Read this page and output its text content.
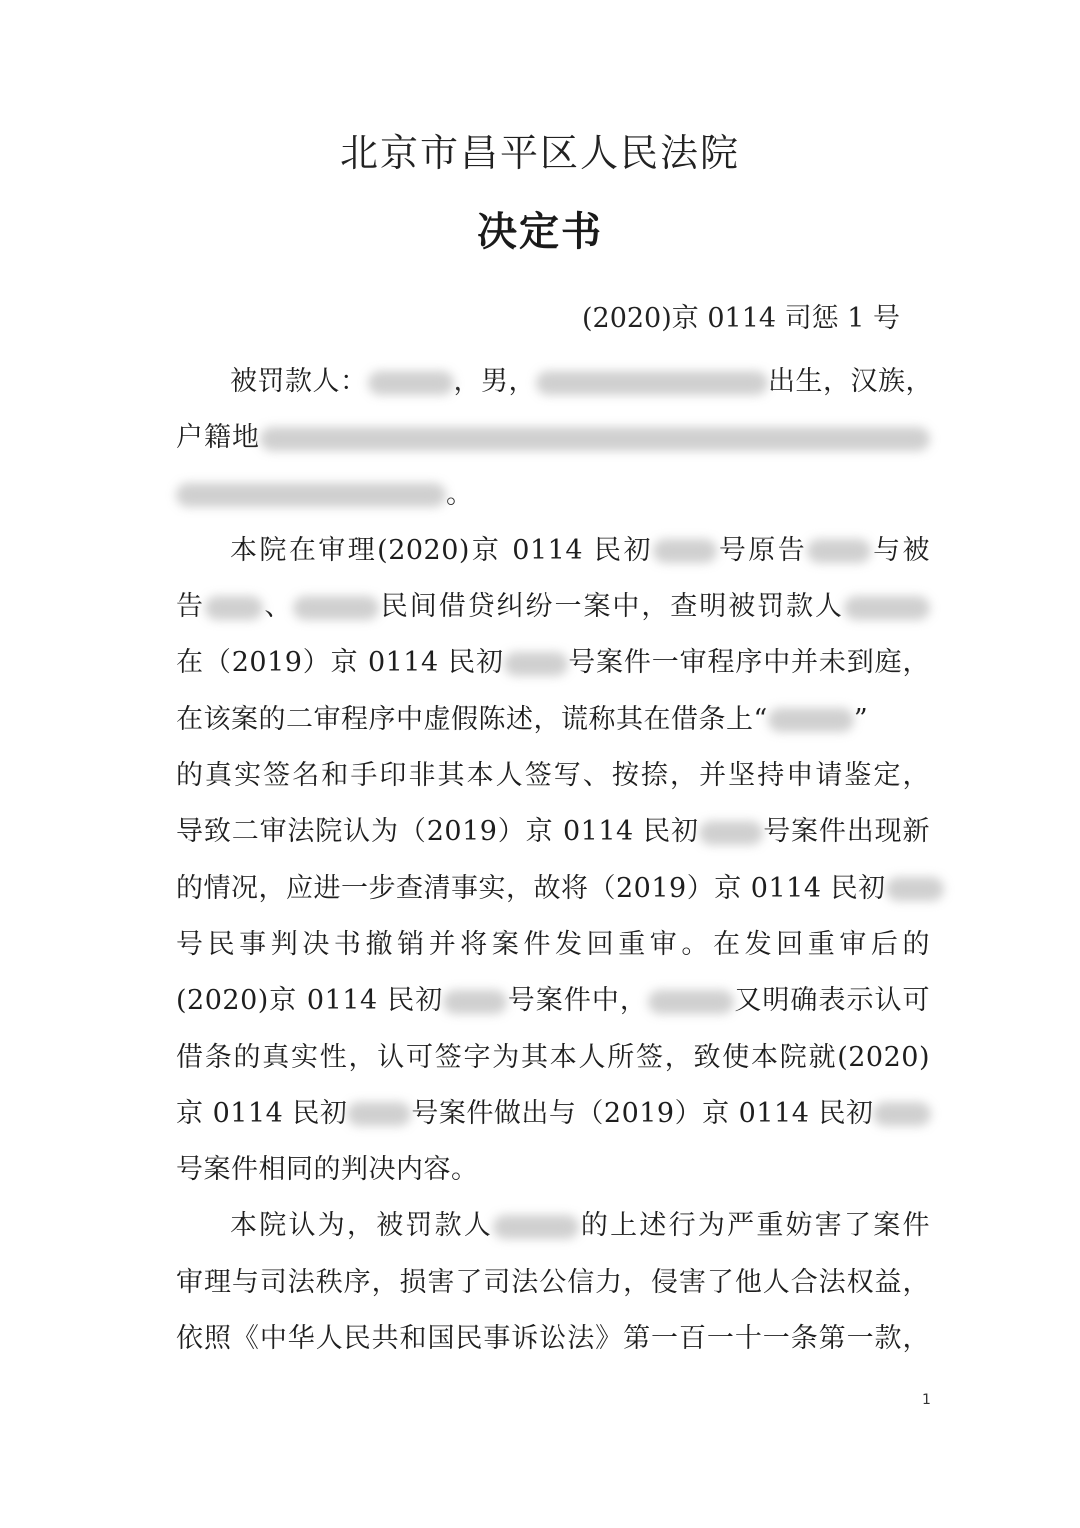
北京市昌平区人民法院
决定书
(2020)京 0114 司惩 1 号
被罚款人：	，男，	出生，汉族，
户籍地
。
本院在审理(2020)京 0114 民初 号原告 与被
告 、	民间借贷纠纷一案中，查明被罚款人
在（2019）京 0114 民初 号案件一审程序中并未到庭，
在该案的二审程序中虚假陈述，谎称其在借条上“	”
的真实签名和手印非其本人签写、按捺，并坚持申请鉴定，
导致二审法院认为（2019）京 0114 民初 号案件出现新
的情况，应进一步查清事实，故将（2019）京 0114 民初
号民事判决书撤销并将案件发回重审。在发回重审后的
(2020)京 0114 民初 号案件中，	又明确表示认可
借条的真实性，认可签字为其本人所签，致使本院就(2020)
京 0114 民初 号案件做出与（2019）京 0114 民初
号案件相同的判决内容。
本院认为，被罚款人	的上述行为严重妨害了案件
审理与司法秩序，损害了司法公信力，侵害了他人合法权益，
依照《中华人民共和国民事诉讼法》第一百一十一条第一款，
1
